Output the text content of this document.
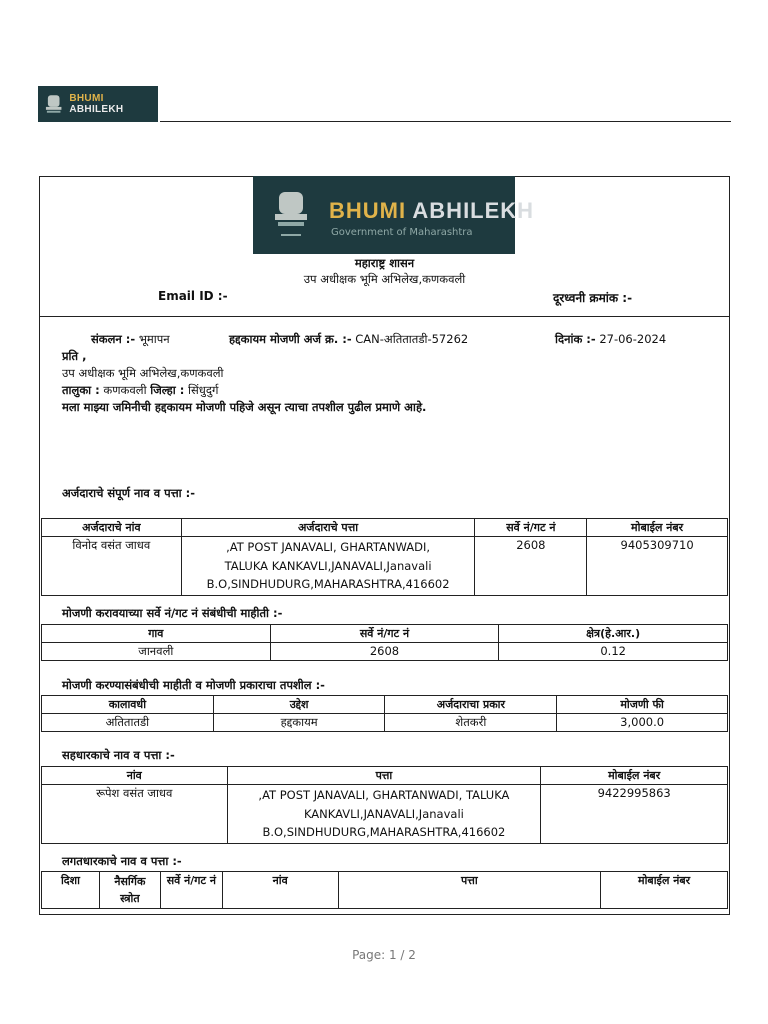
BHUMI ABHILEKH
BHUMI ABHILEKH
Government of Maharashtra
महाराष्ट्र शासन
उप अधीक्षक भूमि अभिलेख,कणकवली
Email ID :-	दूरध्वनी क्रमांक :-
संकलन :- भूमापन	हद्दकायम मोजणी अर्ज क्र. :- CAN-अतितातडी-57262	दिनांक :- 27-06-2024
प्रति ,
उप अधीक्षक भूमि अभिलेख,कणकवली
तालुका : कणकवली जिल्हा : सिंधुदुर्ग
मला माझ्या जमिनीची हद्दकायम मोजणी पहिजे असून त्याचा तपशील पुढील प्रमाणे आहे.
अर्जदाराचे संपूर्ण नाव व पत्ता :-
अर्जदाराचे नांव	अर्जदाराचे पत्ता	सर्वे नं/गट नं	मोबाईल नंबर
विनोद वसंत जाधव	,AT POST JANAVALI, GHARTANWADI,
TALUKA KANKAVLI,JANAVALI,Janavali
B.O,SINDHUDURG,MAHARASHTRA,416602	2608	9405309710
मोजणी करावयाच्या सर्वे नं/गट नं संबंधीची माहीती :-
गाव	सर्वे नं/गट नं	क्षेत्र(हे.आर.)
जानवली	2608	0.12
मोजणी करण्यासंबंधीची माहीती व मोजणी प्रकाराचा तपशील :-
कालावधी	उद्देश	अर्जदाराचा प्रकार	मोजणी फी
अतितातडी	हद्दकायम	शेतकरी	3,000.0
सहधारकाचे नाव व पत्ता :-
नांव	पत्ता	मोबाईल नंबर
रूपेश वसंत जाधव	,AT POST JANAVALI, GHARTANWADI, TALUKA
KANKAVLI,JANAVALI,Janavali
B.O,SINDHUDURG,MAHARASHTRA,416602	9422995863
लगतधारकाचे नाव व पत्ता :-
दिशा	नैसर्गिक स्त्रोत	सर्वे नं/गट नं	नांव	पत्ता	मोबाईल नंबर
Page: 1 / 2
